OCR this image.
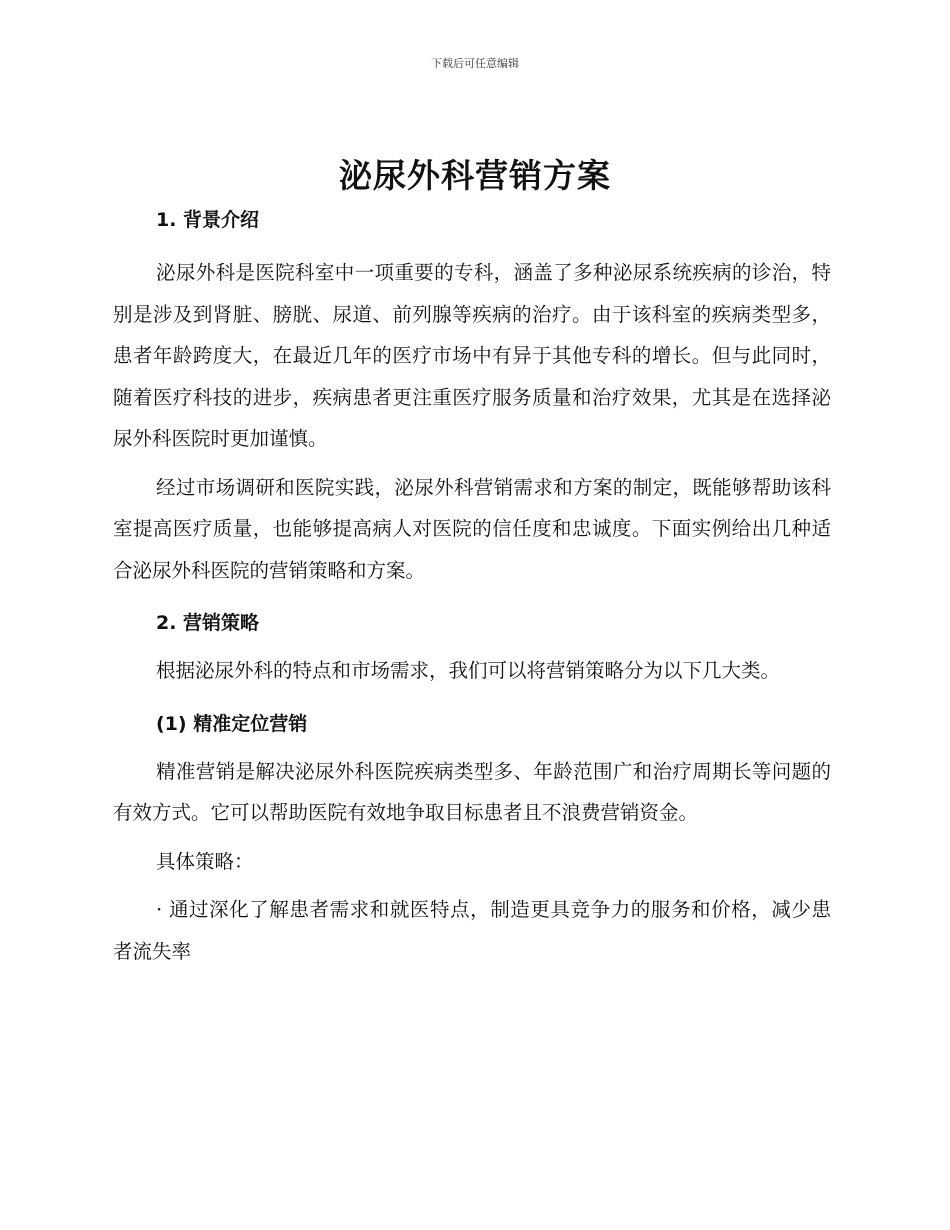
下载后可任意编辑
泌尿外科营销方案
1. 背景介绍

泌尿外科是医院科室中一项重要的专科，涵盖了多种泌尿系统疾病的诊治，特别是涉及到肾脏、膀胱、尿道、前列腺等疾病的治疗。由于该科室的疾病类型多，患者年龄跨度大，在最近几年的医疗市场中有异于其他专科的增长。但与此同时，随着医疗科技的进步，疾病患者更注重医疗服务质量和治疗效果，尤其是在选择泌尿外科医院时更加谨慎。

经过市场调研和医院实践，泌尿外科营销需求和方案的制定，既能够帮助该科室提高医疗质量，也能够提高病人对医院的信任度和忠诚度。下面实例给出几种适合泌尿外科医院的营销策略和方案。

2. 营销策略

根据泌尿外科的特点和市场需求，我们可以将营销策略分为以下几大类。

(1) 精准定位营销

精准营销是解决泌尿外科医院疾病类型多、年龄范围广和治疗周期长等问题的有效方式。它可以帮助医院有效地争取目标患者且不浪费营销资金。

具体策略：

· 通过深化了解患者需求和就医特点，制造更具竞争力的服务和价格，减少患者流失率
